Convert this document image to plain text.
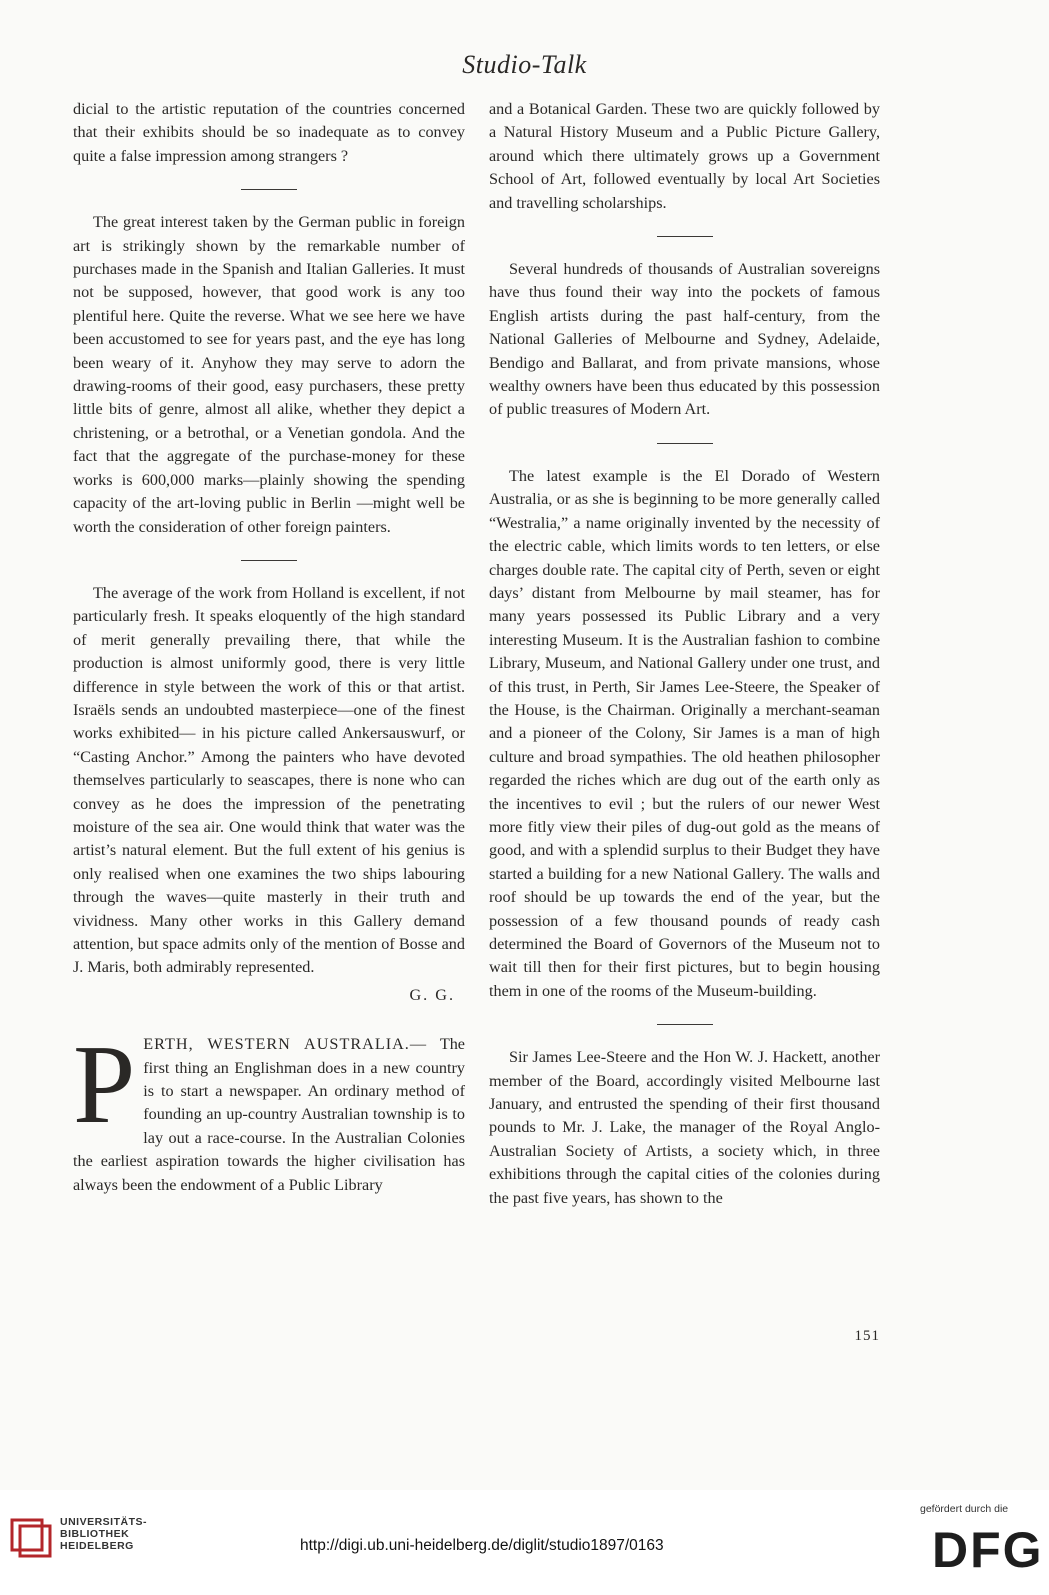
Studio-Talk

dicial to the artistic reputation of the countries concerned that their exhibits should be so inadequate as to convey quite a false impression among strangers ?

The great interest taken by the German public in foreign art is strikingly shown by the remarkable number of purchases made in the Spanish and Italian Galleries. It must not be supposed, however, that good work is any too plentiful here. Quite the reverse. What we see here we have been accustomed to see for years past, and the eye has long been weary of it. Anyhow they may serve to adorn the drawing-rooms of their good, easy purchasers, these pretty little bits of genre, almost all alike, whether they depict a christening, or a betrothal, or a Venetian gondola. And the fact that the aggregate of the purchase-money for these works is 600,000 marks—plainly showing the spending capacity of the art-loving public in Berlin —might well be worth the consideration of other foreign painters.

The average of the work from Holland is excellent, if not particularly fresh. It speaks eloquently of the high standard of merit generally prevailing there, that while the production is almost uniformly good, there is very little difference in style between the work of this or that artist. Israëls sends an undoubted masterpiece—one of the finest works exhibited— in his picture called Ankersauswurf, or “Casting Anchor.” Among the painters who have devoted themselves particularly to seascapes, there is none who can convey as he does the impression of the penetrating moisture of the sea air. One would think that water was the artist’s natural element. But the full extent of his genius is only realised when one examines the two ships labouring through the waves—quite masterly in their truth and vividness. Many other works in this Gallery demand attention, but space admits only of the mention of Bosse and J. Maris, both admirably represented.

G. G.
P ERTH, WESTERN AUSTRALIA.— The first thing an Englishman does in a new country is to start a newspaper. An ordinary method of founding an up-country Australian township is to lay out a race-course. In the Australian Colonies the earliest aspiration towards the higher civilisation has always been the endowment of a Public Library

and a Botanical Garden. These two are quickly followed by a Natural History Museum and a Public Picture Gallery, around which there ultimately grows up a Government School of Art, followed eventually by local Art Societies and travelling scholarships.

Several hundreds of thousands of Australian sovereigns have thus found their way into the pockets of famous English artists during the past half-century, from the National Galleries of Melbourne and Sydney, Adelaide, Bendigo and Ballarat, and from private mansions, whose wealthy owners have been thus educated by this possession of public treasures of Modern Art.

The latest example is the El Dorado of Western Australia, or as she is beginning to be more generally called “Westralia,” a name originally invented by the necessity of the electric cable, which limits words to ten letters, or else charges double rate. The capital city of Perth, seven or eight days’ distant from Melbourne by mail steamer, has for many years possessed its Public Library and a very interesting Museum. It is the Australian fashion to combine Library, Museum, and National Gallery under one trust, and of this trust, in Perth, Sir James Lee-Steere, the Speaker of the House, is the Chairman. Originally a merchant-seaman and a pioneer of the Colony, Sir James is a man of high culture and broad sympathies. The old heathen philosopher regarded the riches which are dug out of the earth only as the incentives to evil ; but the rulers of our newer West more fitly view their piles of dug-out gold as the means of good, and with a splendid surplus to their Budget they have started a building for a new National Gallery. The walls and roof should be up towards the end of the year, but the possession of a few thousand pounds of ready cash determined the Board of Governors of the Museum not to wait till then for their first pictures, but to begin housing them in one of the rooms of the Museum-building.

Sir James Lee-Steere and the Hon W. J. Hackett, another member of the Board, accordingly visited Melbourne last January, and entrusted the spending of their first thousand pounds to Mr. J. Lake, the manager of the Royal Anglo-Australian Society of Artists, a society which, in three exhibitions through the capital cities of the colonies during the past five years, has shown to the

151
UNIVERSITÄTS-
BIBLIOTHEK
HEIDELBERG	http://digi.ub.uni-heidelberg.de/diglit/studio1897/0163
gefördert durch die
DFG
